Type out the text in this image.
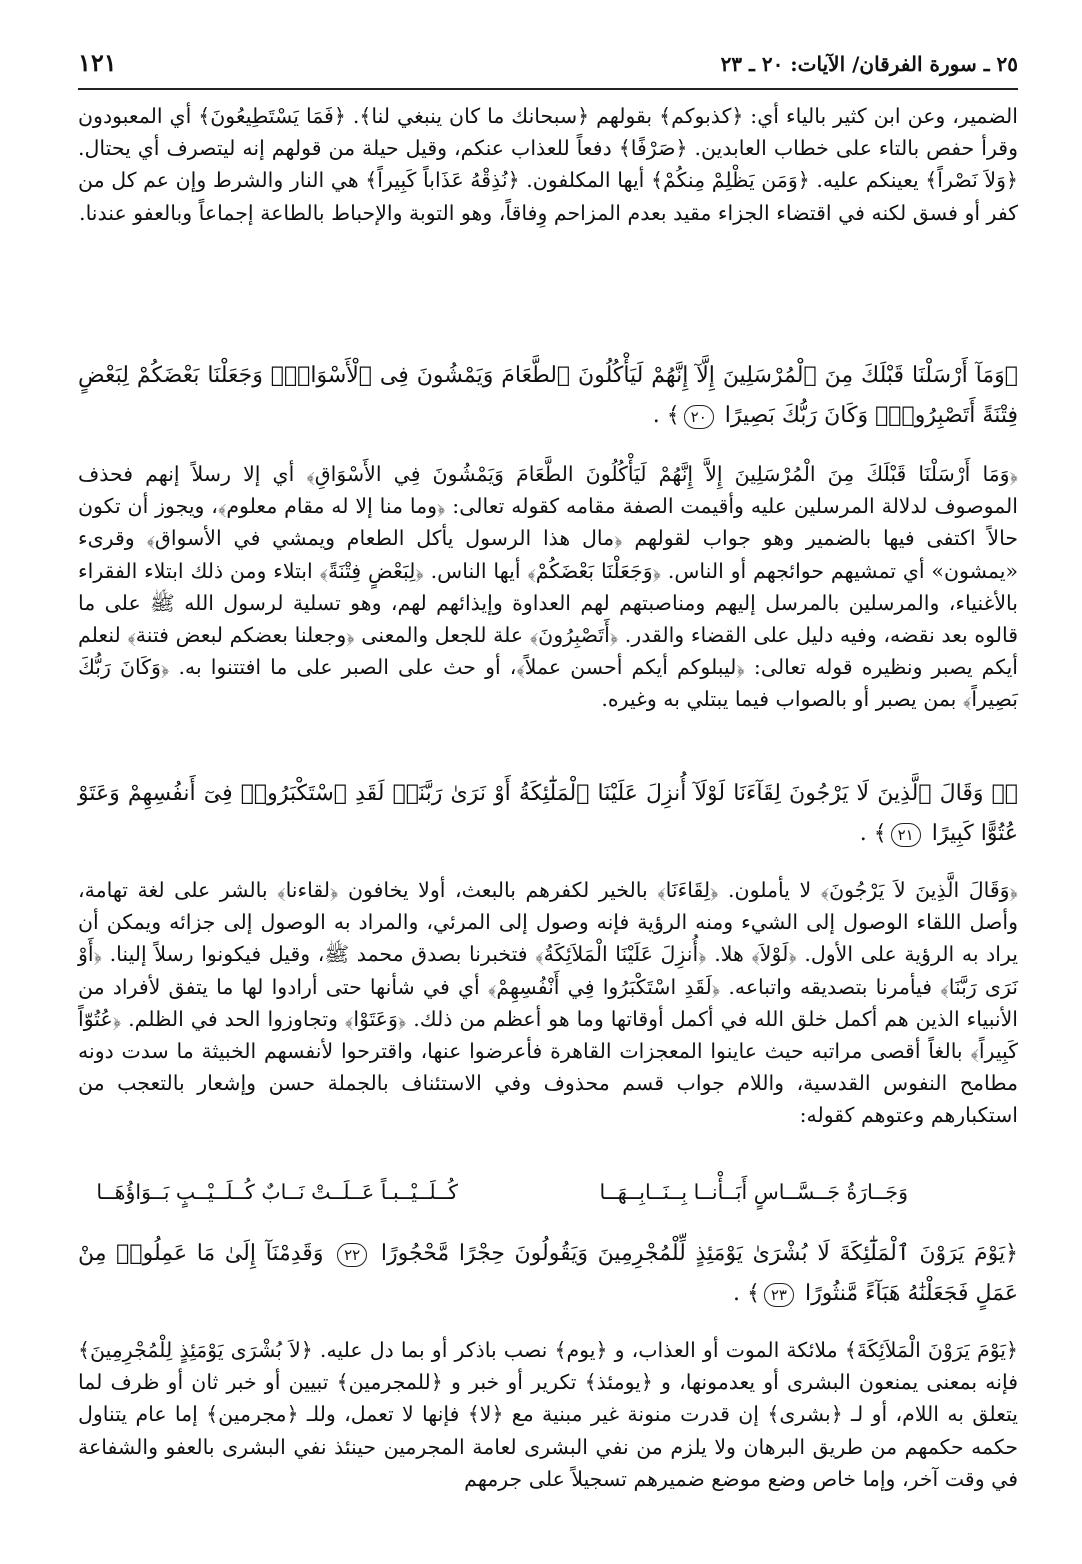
٢٥ ـ سورة الفرقان/ الآيات: ٢٠ ـ ٢٣
١٢١

الضمير، وعن ابن كثير بالياء أي: ﴿كذبوكم﴾ بقولهم ﴿سبحانك ما كان ينبغي لنا﴾. ﴿فَمَا يَسْتَطِيعُونَ﴾ أي المعبودون وقرأ حفص بالتاء على خطاب العابدين. ﴿صَرْفًا﴾ دفعاً للعذاب عنكم، وقيل حيلة من قولهم إنه ليتصرف أي يحتال. ﴿وَلاَ نَصْراً﴾ يعينكم عليه. ﴿وَمَن يَظْلِمْ مِنكُمْ﴾ أيها المكلفون. ﴿نُذِقْهُ عَذَاباً كَبِيراً﴾ هي النار والشرط وإن عم كل من كفر أو فسق لكنه في اقتضاء الجزاء مقيد بعدم المزاحم وِفاقاً، وهو التوبة والإحباط بالطاعة إجماعاً وبالعفو عندنا.

﴿وَمَآ أَرْسَلْنَا قَبْلَكَ مِنَ ٱلْمُرْسَلِينَ إِلَّآ إِنَّهُمْ لَيَأْكُلُونَ ٱلطَّعَامَ وَيَمْشُونَ فِى ٱلْأَسْوَاقِۗ وَجَعَلْنَا بَعْضَكُمْ لِبَعْضٍ فِتْنَةً أَتَصْبِرُونَۗ وَكَانَ رَبُّكَ بَصِيرًا ٢٠﴾ .

﴿وَمَا أَرْسَلْنَا قَبْلَكَ مِنَ الْمُرْسَلِينَ إِلاَّ إِنَّهُمْ لَيَأْكُلُونَ الطَّعَامَ وَيَمْشُونَ فِي الأَسْوَاقِ﴾ أي إلا رسلاً إنهم فحذف الموصوف لدلالة المرسلين عليه وأقيمت الصفة مقامه كقوله تعالى: ﴿وما منا إلا له مقام معلوم﴾، ويجوز أن تكون حالاً اكتفى فيها بالضمير وهو جواب لقولهم ﴿مال هذا الرسول يأكل الطعام ويمشي في الأسواق﴾ وقرىء «يمشون» أي تمشيهم حوائجهم أو الناس. ﴿وَجَعَلْنَا بَعْضَكُمْ﴾ أيها الناس. ﴿لِبَعْضٍ فِتْنَةً﴾ ابتلاء ومن ذلك ابتلاء الفقراء بالأغنياء، والمرسلين بالمرسل إليهم ومناصبتهم لهم العداوة وإيذائهم لهم، وهو تسلية لرسول الله ﷺ على ما قالوه بعد نقضه، وفيه دليل على القضاء والقدر. ﴿أَتَصْبِرُونَ﴾ علة للجعل والمعنى ﴿وجعلنا بعضكم لبعض فتنة﴾ لنعلم أيكم يصبر ونظيره قوله تعالى: ﴿ليبلوكم أيكم أحسن عملاً﴾، أو حث على الصبر على ما افتتنوا به. ﴿وَكَانَ رَبُّكَ بَصِيراً﴾ بمن يصبر أو بالصواب فيما يبتلي به وغيره.

﴿۞ وَقَالَ ٱلَّذِينَ لَا يَرْجُونَ لِقَآءَنَا لَوْلَآ أُنزِلَ عَلَيْنَا ٱلْمَلَٰٓئِكَةُ أَوْ نَرَىٰ رَبَّنَاۗ لَقَدِ ٱسْتَكْبَرُوا۟ فِىٓ أَنفُسِهِمْ وَعَتَوْ عُتُوًّا كَبِيرًا ٢١﴾ .

﴿وَقَالَ الَّذِينَ لاَ يَرْجُونَ﴾ لا يأملون. ﴿لِقَاءَنَا﴾ بالخير لكفرهم بالبعث، أولا يخافون ﴿لقاءنا﴾ بالشر على لغة تهامة، وأصل اللقاء الوصول إلى الشيء ومنه الرؤية فإنه وصول إلى المرئي، والمراد به الوصول إلى جزائه ويمكن أن يراد به الرؤية على الأول. ﴿لَوْلاَ﴾ هلا. ﴿أُنزِلَ عَلَيْنَا الْمَلاَئِكَةُ﴾ فتخبرنا بصدق محمد ﷺ، وقيل فيكونوا رسلاً إلينا. ﴿أَوْ نَرَى رَبَّنَا﴾ فيأمرنا بتصديقه واتباعه. ﴿لَقَدِ اسْتَكْبَرُوا فِي أَنْفُسِهِمْ﴾ أي في شأنها حتى أرادوا لها ما يتفق لأفراد من الأنبياء الذين هم أكمل خلق الله في أكمل أوقاتها وما هو أعظم من ذلك. ﴿وَعَتَوْا﴾ وتجاوزوا الحد في الظلم. ﴿عُتُوّاً كَبِيراً﴾ بالغاً أقصى مراتبه حيث عاينوا المعجزات القاهرة فأعرضوا عنها، واقترحوا لأنفسهم الخبيثة ما سدت دونه مطامح النفوس القدسية، واللام جواب قسم محذوف وفي الاستئناف بالجملة حسن وإشعار بالتعجب من استكبارهم وعتوهم كقوله:

وَجَــارَةُ جَــسَّــاسٍ أَبَــأْنــا بِــنَــابِــهَــا
كُــلَــيْــبـاً عَــلَــتْ نَــابٌ كُــلَــيْــبٍ بَــوَاؤُهَــا

﴿يَوْمَ يَرَوْنَ ٱلْمَلَٰٓئِكَةَ لَا بُشْرَىٰ يَوْمَئِذٍ لِّلْمُجْرِمِينَ وَيَقُولُونَ حِجْرًا مَّحْجُورًا ٢٢ وَقَدِمْنَآ إِلَىٰ مَا عَمِلُوا۟ مِنْ عَمَلٍ فَجَعَلْنَٰهُ هَبَآءً مَّنثُورًا ٢٣﴾ .

﴿يَوْمَ يَرَوْنَ الْمَلاَئِكَةَ﴾ ملائكة الموت أو العذاب، و ﴿يوم﴾ نصب باذكر أو بما دل عليه. ﴿لاَ بُشْرَى يَوْمَئِذٍ لِلْمُجْرِمِينَ﴾ فإنه بمعنى يمنعون البشرى أو يعدمونها، و ﴿يومئذ﴾ تكرير أو خبر و ﴿للمجرمين﴾ تبيين أو خبر ثان أو ظرف لما يتعلق به اللام، أو لـ ﴿بشرى﴾ إن قدرت منونة غير مبنية مع ﴿لا﴾ فإنها لا تعمل، وللـ ﴿مجرمين﴾ إما عام يتناول حكمه حكمهم من طريق البرهان ولا يلزم من نفي البشرى لعامة المجرمين حينئذ نفي البشرى بالعفو والشفاعة في وقت آخر، وإما خاص وضع موضع ضميرهم تسجيلاً على جرمهم
